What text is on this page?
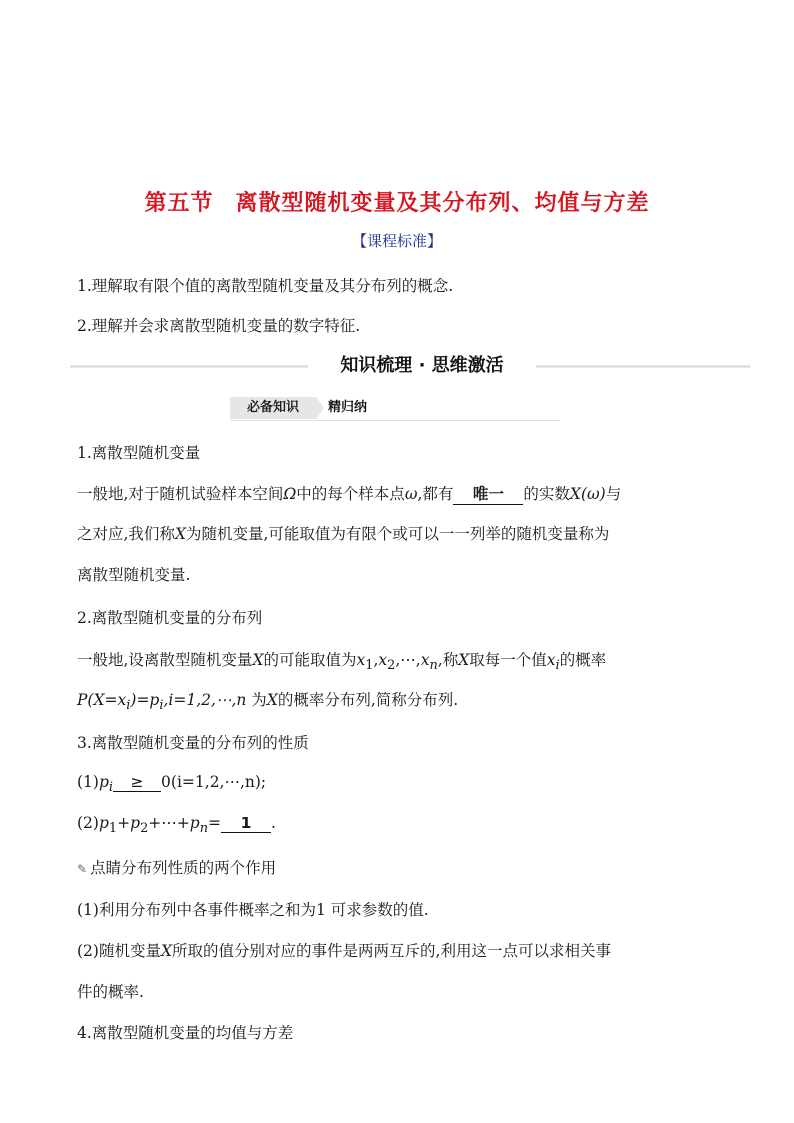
第五节 离散型随机变量及其分布列、均值与方差
【课程标准】
1.理解取有限个值的离散型随机变量及其分布列的概念.
2.理解并会求离散型随机变量的数字特征.
知识梳理 · 思维激活
必备知识	精归纳
1.离散型随机变量
一般地,对于随机试验样本空间Ω中的每个样本点ω,都有 唯一 的实数X(ω)与
之对应,我们称X为随机变量,可能取值为有限个或可以一一列举的随机变量称为
离散型随机变量.
2.离散型随机变量的分布列
一般地,设离散型随机变量X的可能取值为$x_1,x_2,\cdots,x_n$,称X取每一个值$x_i$的概率
$P(X=x_i)=p_i,i=1,2,\cdots,n$ 为X的概率分布列,简称分布列.
3.离散型随机变量的分布列的性质
$(1)p_i$ ≥ 0(i=1,2,⋯,n);
$(2)p_1+p_2+\cdots+p_n= 1$ .
✎ 点睛分布列性质的两个作用
(1)利用分布列中各事件概率之和为1 可求参数的值.
(2)随机变量X所取的值分别对应的事件是两两互斥的,利用这一点可以求相关事
件的概率.
4.离散型随机变量的均值与方差
